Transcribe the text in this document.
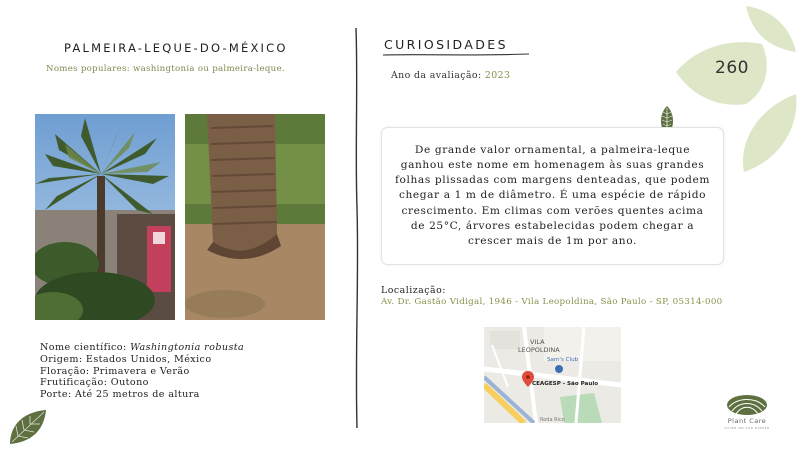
PALMEIRA-LEQUE-DO-MÉXICO
Nomes populares: washingtonia ou palmeira-leque.
Nome científico: Washingtonia robusta
Origem: Estados Unidos, México
Floração: Primavera e Verão
Frutificação: Outono
Porte: Até 25 metros de altura
CURIOSIDADES
Ano da avaliação: 2023
De grande valor ornamental, a palmeira-leque ganhou este nome em homenagem às suas grandes folhas plissadas com margens denteadas, que podem chegar a 1 m de diâmetro. É uma espécie de rápido crescimento. Em climas com verões quentes acima de 25°C, árvores estabelecidas podem chegar a crescer mais de 1m por ano.
Localização:
Av. Dr. Gastão Vidigal, 1946 - Vila Leopoldina, São Paulo - SP, 05314-000
VILA
LEOPOLDINA
Sam's Club
CEAGESP - São Paulo
Roda Rico
260
Plant Care
cuide da sua planta
